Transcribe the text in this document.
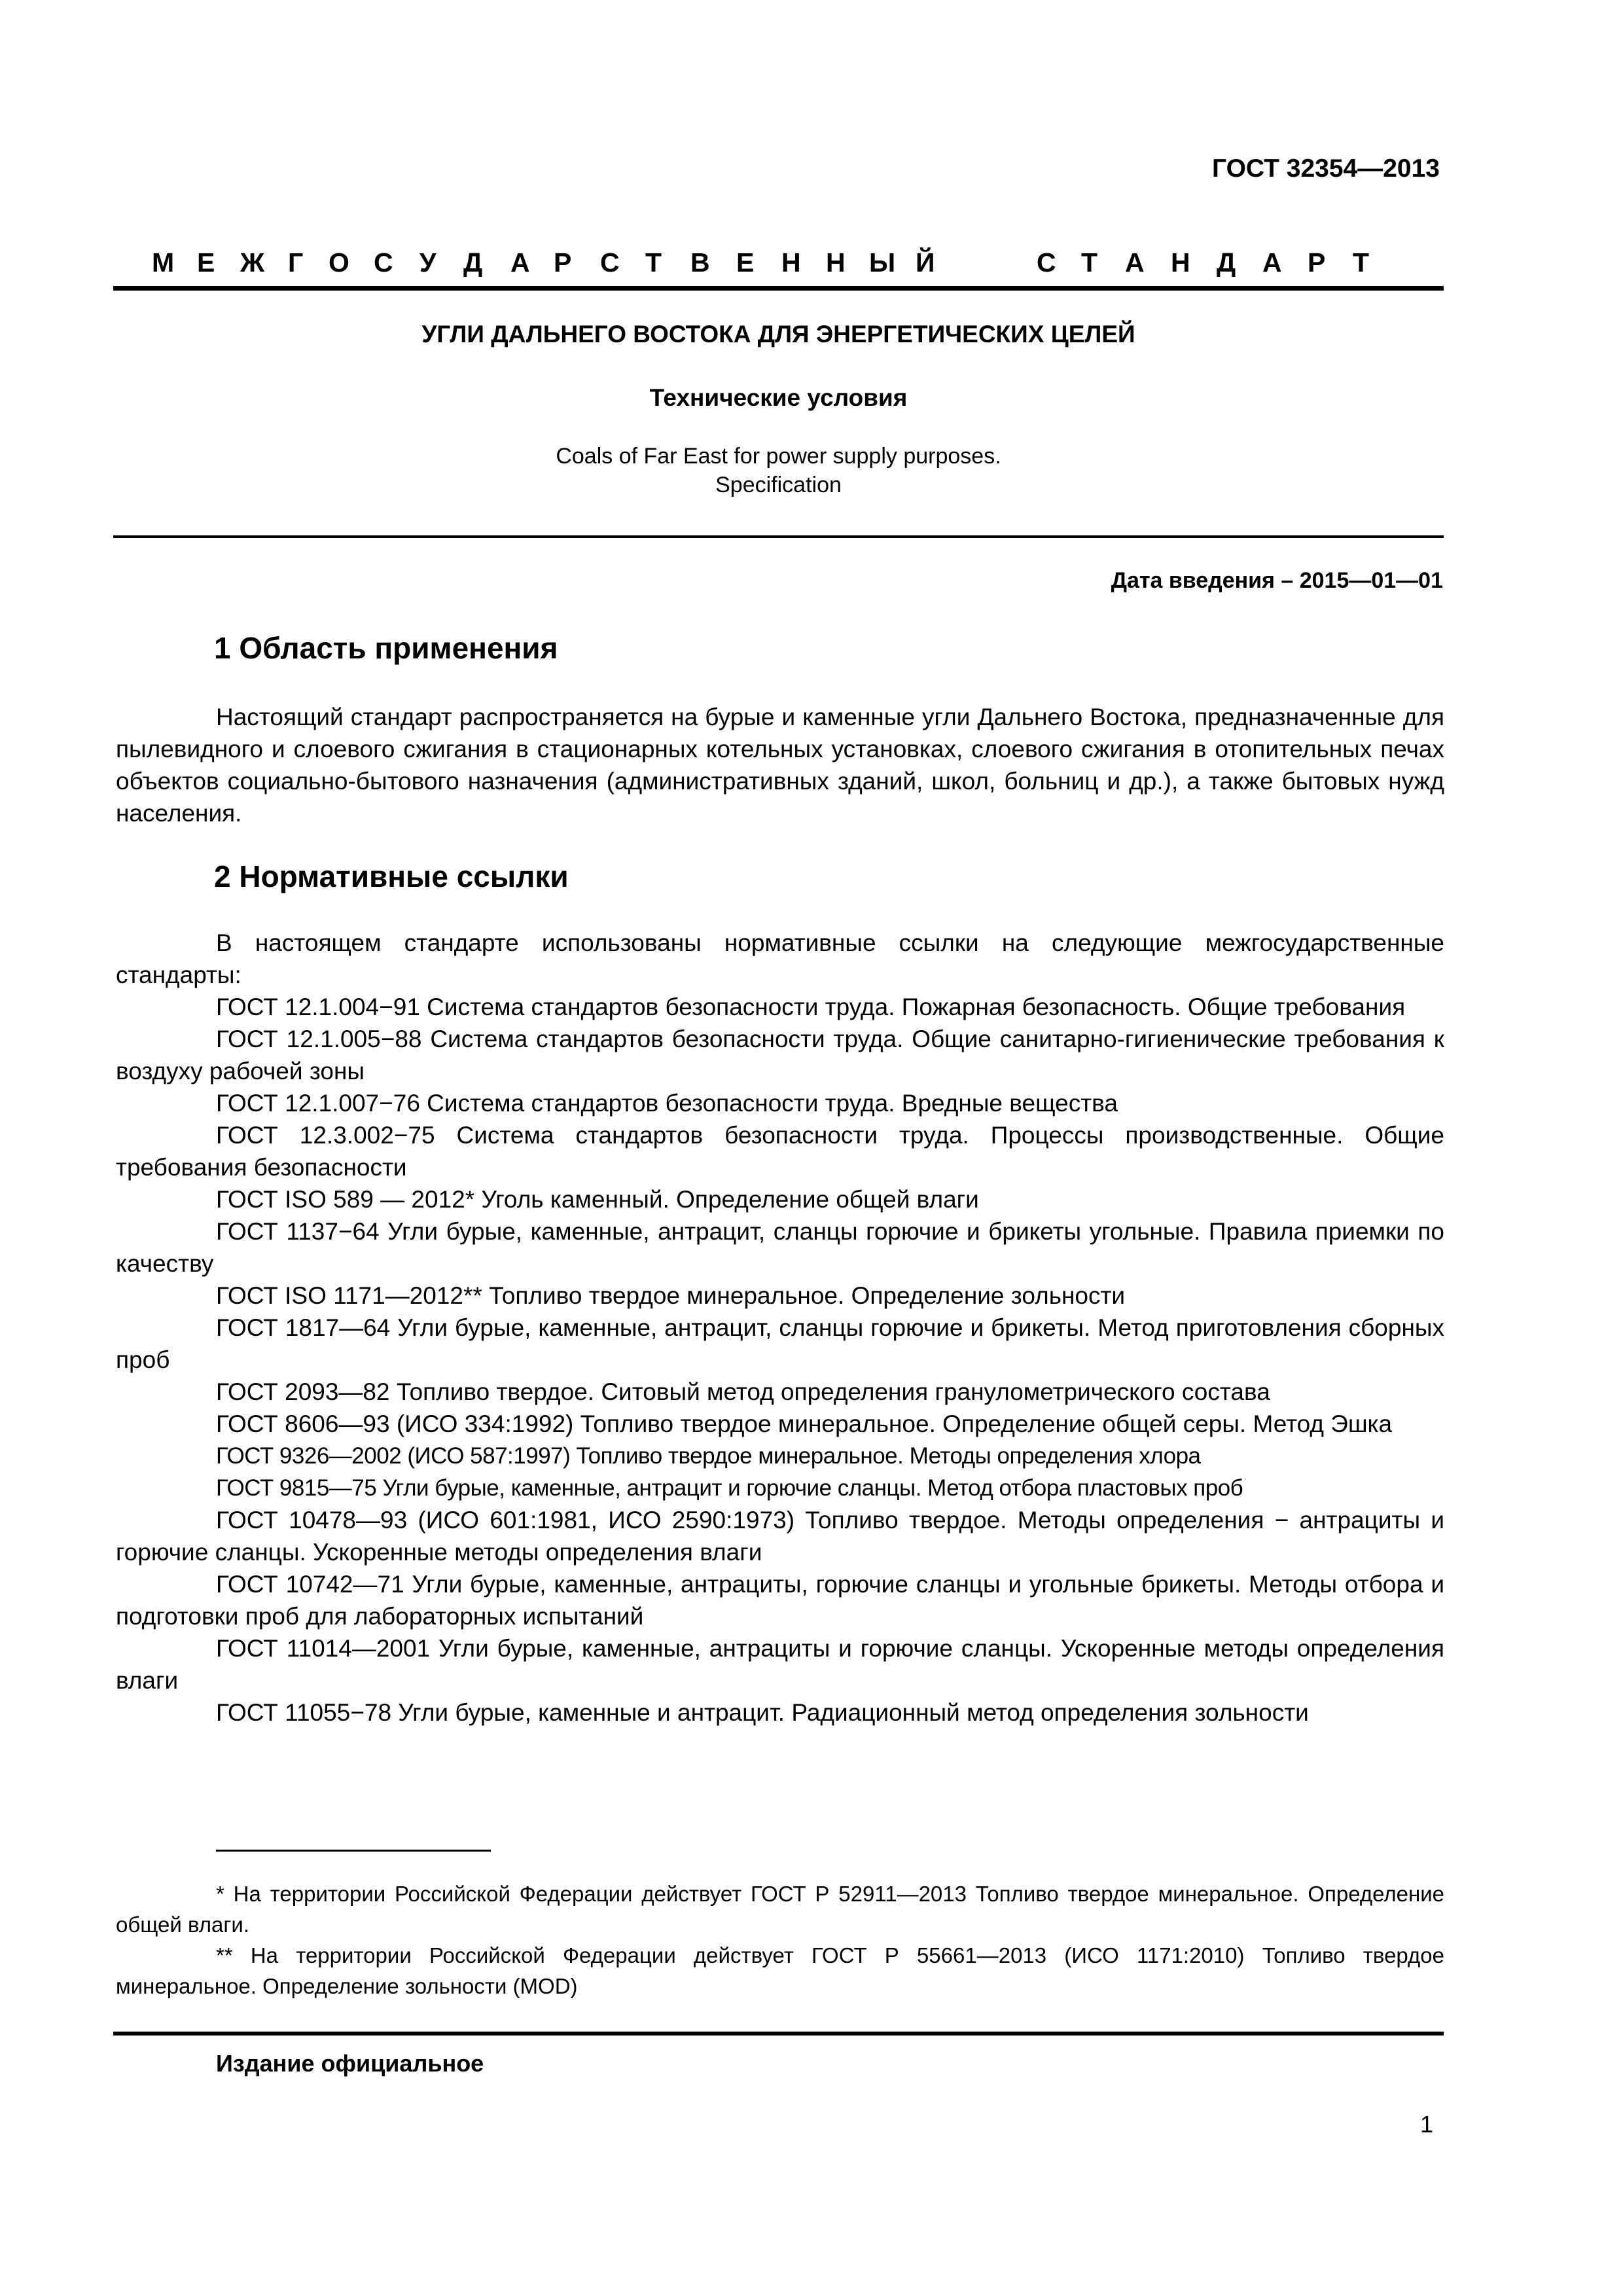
ГОСТ 32354—2013
М Е Ж Г О С У Д А Р С Т В Е Н Н Ы Й	С Т А Н Д А Р Т
УГЛИ ДАЛЬНЕГО ВОСТОКА ДЛЯ ЭНЕРГЕТИЧЕСКИХ ЦЕЛЕЙ
Технические условия
Coals of Far East for power supply purposes.
Specification
Дата введения – 2015—01—01
1 Область применения

Настоящий стандарт распространяется на бурые и каменные угли Дальнего Востока, предназначенные для пылевидного и слоевого сжигания в стационарных котельных установках, слоевого сжигания в отопительных печах объектов социально-бытового назначения (административных зданий, школ, больниц и др.), а также бытовых нужд населения.

2 Нормативные ссылки

В настоящем стандарте использованы нормативные ссылки на следующие межгосударственные стандарты:

ГОСТ 12.1.004−91 Система стандартов безопасности труда. Пожарная безопасность. Общие требования

ГОСТ 12.1.005−88 Система стандартов безопасности труда. Общие санитарно-гигиенические требования к воздуху рабочей зоны

ГОСТ 12.1.007−76 Система стандартов безопасности труда. Вредные вещества

ГОСТ 12.3.002−75 Система стандартов безопасности труда. Процессы производственные. Общие требования безопасности

ГОСТ ISO 589 — 2012* Уголь каменный. Определение общей влаги

ГОСТ 1137−64 Угли бурые, каменные, антрацит, сланцы горючие и брикеты угольные. Правила приемки по качеству

ГОСТ ISO 1171—2012** Топливо твердое минеральное. Определение зольности

ГОСТ 1817—64 Угли бурые, каменные, антрацит, сланцы горючие и брикеты. Метод приготовления сборных проб

ГОСТ 2093—82 Топливо твердое. Ситовый метод определения гранулометрического состава

ГОСТ 8606—93 (ИСО 334:1992) Топливо твердое минеральное. Определение общей серы. Метод Эшка

ГОСТ 9326—2002 (ИСО 587:1997) Топливо твердое минеральное. Методы определения хлора

ГОСТ 9815—75 Угли бурые, каменные, антрацит и горючие сланцы. Метод отбора пластовых проб

ГОСТ 10478—93 (ИСО 601:1981, ИСО 2590:1973) Топливо твердое. Методы определения − антрациты и горючие сланцы. Ускоренные методы определения влаги

ГОСТ 10742—71 Угли бурые, каменные, антрациты, горючие сланцы и угольные брикеты. Методы отбора и подготовки проб для лабораторных испытаний

ГОСТ 11014—2001 Угли бурые, каменные, антрациты и горючие сланцы. Ускоренные методы определения влаги

ГОСТ 11055−78 Угли бурые, каменные и антрацит. Радиационный метод определения зольности

* На территории Российской Федерации действует ГОСТ Р 52911—2013 Топливо твердое минеральное. Определение общей влаги.

** На территории Российской Федерации действует ГОСТ Р 55661—2013 (ИСО 1171:2010) Топливо твердое минеральное. Определение зольности (MOD)

Издание официальное
1
